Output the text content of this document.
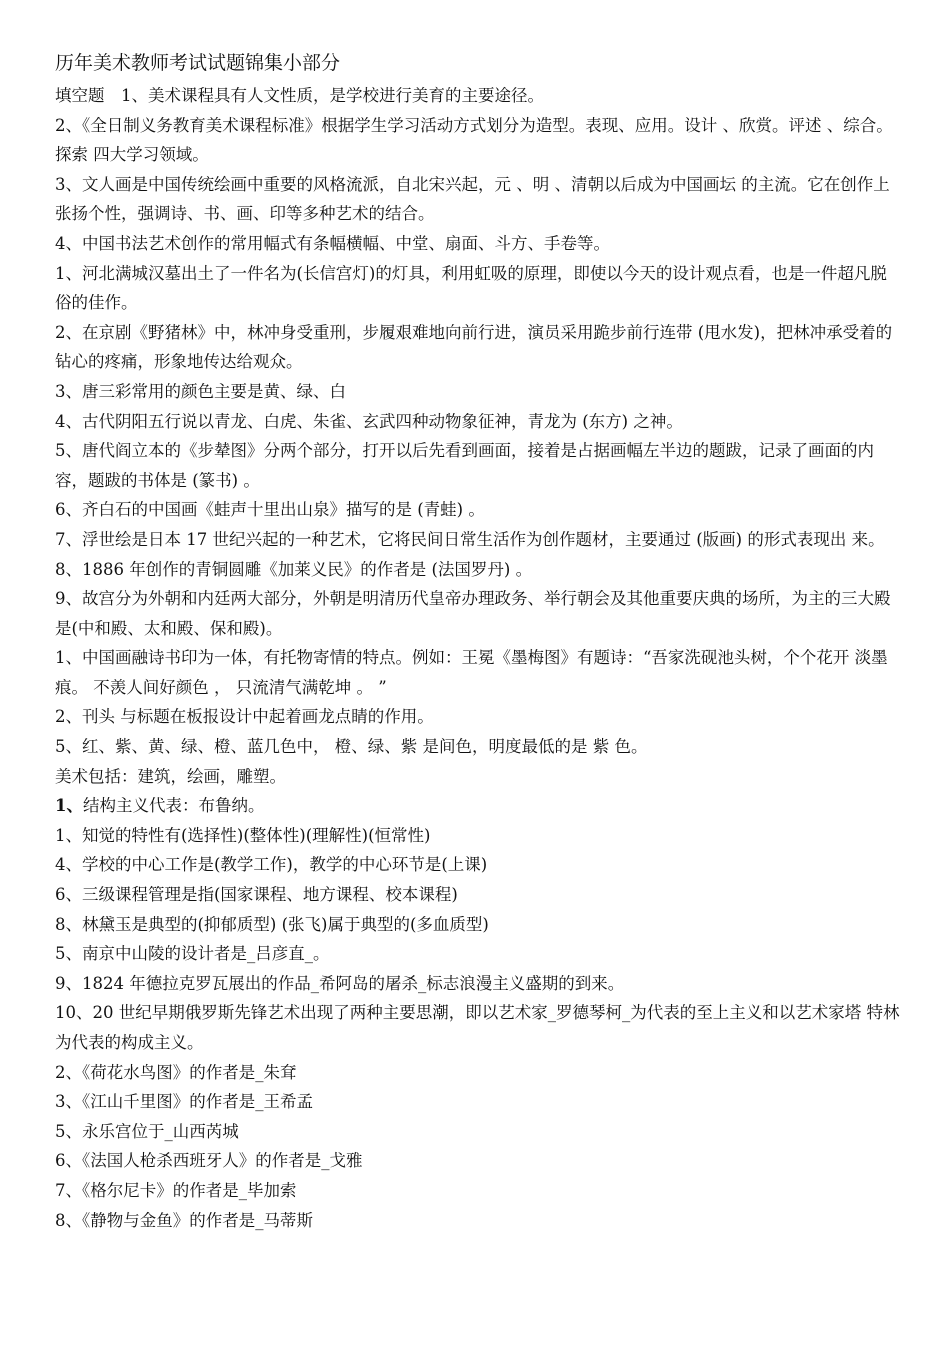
历年美术教师考试试题锦集小部分
填空题　1、美术课程具有人文性质，是学校进行美育的主要途径。
2、《全日制义务教育美术课程标准》根据学生学习活动方式划分为造型。表现、应用。设计 、欣赏。评述 、综合。探索 四大学习领域。
3、文人画是中国传统绘画中重要的风格流派，自北宋兴起，元 、明 、清朝以后成为中国画坛 的主流。它在创作上张扬个性，强调诗、书、画、印等多种艺术的结合。
4、中国书法艺术创作的常用幅式有条幅横幅、中堂、扇面、斗方、手卷等。
1、河北满城汉墓出土了一件名为(长信宫灯)的灯具，利用虹吸的原理，即使以今天的设计观点看，也是一件超凡脱俗的佳作。
2、在京剧《野猪林》中，林冲身受重刑，步履艰难地向前行进，演员采用跪步前行连带 (甩水发)，把林冲承受着的钻心的疼痛，形象地传达给观众。
3、唐三彩常用的颜色主要是黄、绿、白
4、古代阴阳五行说以青龙、白虎、朱雀、玄武四种动物象征神，青龙为 (东方) 之神。
5、唐代阎立本的《步辇图》分两个部分，打开以后先看到画面，接着是占据画幅左半边的题跋，记录了画面的内容，题跋的书体是 (篆书) 。
6、齐白石的中国画《蛙声十里出山泉》描写的是 (青蛙) 。
7、浮世绘是日本 17 世纪兴起的一种艺术，它将民间日常生活作为创作题材，主要通过 (版画) 的形式表现出 来。
8、1886 年创作的青铜圆雕《加莱义民》的作者是 (法国罗丹) 。
9、故宫分为外朝和内廷两大部分，外朝是明清历代皇帝办理政务、举行朝会及其他重要庆典的场所，为主的三大殿是(中和殿、太和殿、保和殿)。
1、中国画融诗书印为一体，有托物寄情的特点。例如：王冕《墨梅图》有题诗：“吾家洗砚池头树，个个花开 淡墨痕。 不羡人间好颜色 ， 只流清气满乾坤 。 ”
2、刊头 与标题在板报设计中起着画龙点睛的作用。
5、红、紫、黄、绿、橙、蓝几色中， 橙、绿、紫 是间色，明度最低的是 紫 色。
美术包括：建筑，绘画，雕塑。
1、结构主义代表：布鲁纳。
1、知觉的特性有(选择性)(整体性)(理解性)(恒常性)
4、学校的中心工作是(教学工作)，教学的中心环节是(上课)
6、三级课程管理是指(国家课程、地方课程、校本课程)
8、林黛玉是典型的(抑郁质型) (张飞)属于典型的(多血质型)
5、南京中山陵的设计者是_吕彦直_。
9、1824 年德拉克罗瓦展出的作品_希阿岛的屠杀_标志浪漫主义盛期的到来。
10、20 世纪早期俄罗斯先锋艺术出现了两种主要思潮，即以艺术家_罗德琴柯_为代表的至上主义和以艺术家塔 特林为代表的构成主义。
2、《荷花水鸟图》的作者是_朱耷
3、《江山千里图》的作者是_王希孟
5、永乐宫位于_山西芮城
6、《法国人枪杀西班牙人》的作者是_戈雅
7、《格尔尼卡》的作者是_毕加索
8、《静物与金鱼》的作者是_马蒂斯
